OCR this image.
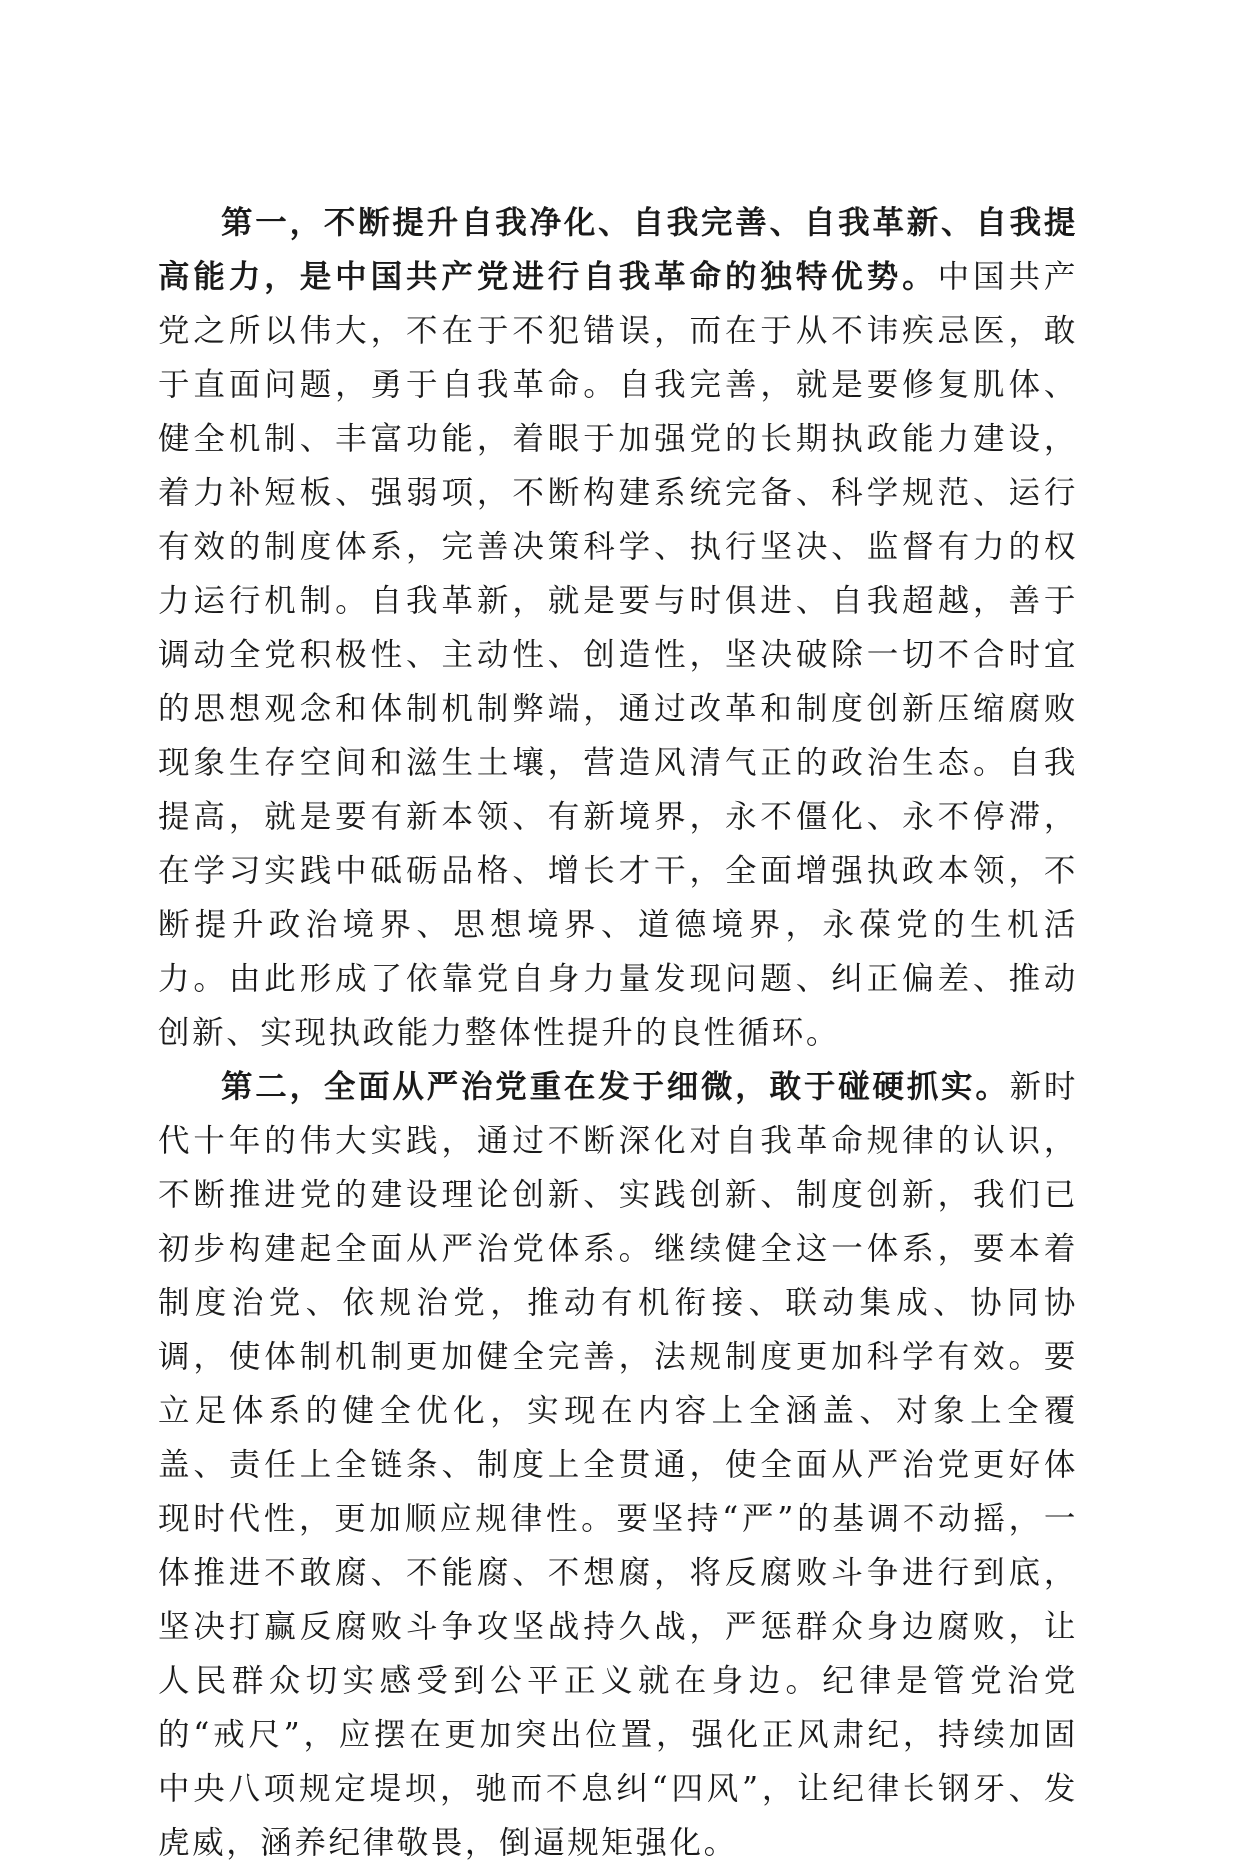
第一，不断提升自我净化、自我完善、自我革新、自我提高能力，是中国共产党进行自我革命的独特优势。中国共产党之所以伟大，不在于不犯错误，而在于从不讳疾忌医，敢于直面问题，勇于自我革命。自我完善，就是要修复肌体、健全机制、丰富功能，着眼于加强党的长期执政能力建设，着力补短板、强弱项，不断构建系统完备、科学规范、运行有效的制度体系，完善决策科学、执行坚决、监督有力的权力运行机制。自我革新，就是要与时俱进、自我超越，善于调动全党积极性、主动性、创造性，坚决破除一切不合时宜的思想观念和体制机制弊端，通过改革和制度创新压缩腐败现象生存空间和滋生土壤，营造风清气正的政治生态。自我提高，就是要有新本领、有新境界，永不僵化、永不停滞，在学习实践中砥砺品格、增长才干，全面增强执政本领，不断提升政治境界、思想境界、道德境界，永葆党的生机活力。由此形成了依靠党自身力量发现问题、纠正偏差、推动创新、实现执政能力整体性提升的良性循环。

第二，全面从严治党重在发于细微，敢于碰硬抓实。新时代十年的伟大实践，通过不断深化对自我革命规律的认识，不断推进党的建设理论创新、实践创新、制度创新，我们已初步构建起全面从严治党体系。继续健全这一体系，要本着制度治党、依规治党，推动有机衔接、联动集成、协同协调，使体制机制更加健全完善，法规制度更加科学有效。要立足体系的健全优化，实现在内容上全涵盖、对象上全覆盖、责任上全链条、制度上全贯通，使全面从严治党更好体现时代性，更加顺应规律性。要坚持“严”的基调不动摇，一体推进不敢腐、不能腐、不想腐，将反腐败斗争进行到底，坚决打赢反腐败斗争攻坚战持久战，严惩群众身边腐败，让人民群众切实感受到公平正义就在身边。纪律是管党治党的“戒尺”，应摆在更加突出位置，强化正风肃纪，持续加固中央八项规定堤坝，驰而不息纠“四风”，让纪律长钢牙、发虎威，涵养纪律敬畏，倒逼规矩强化。
